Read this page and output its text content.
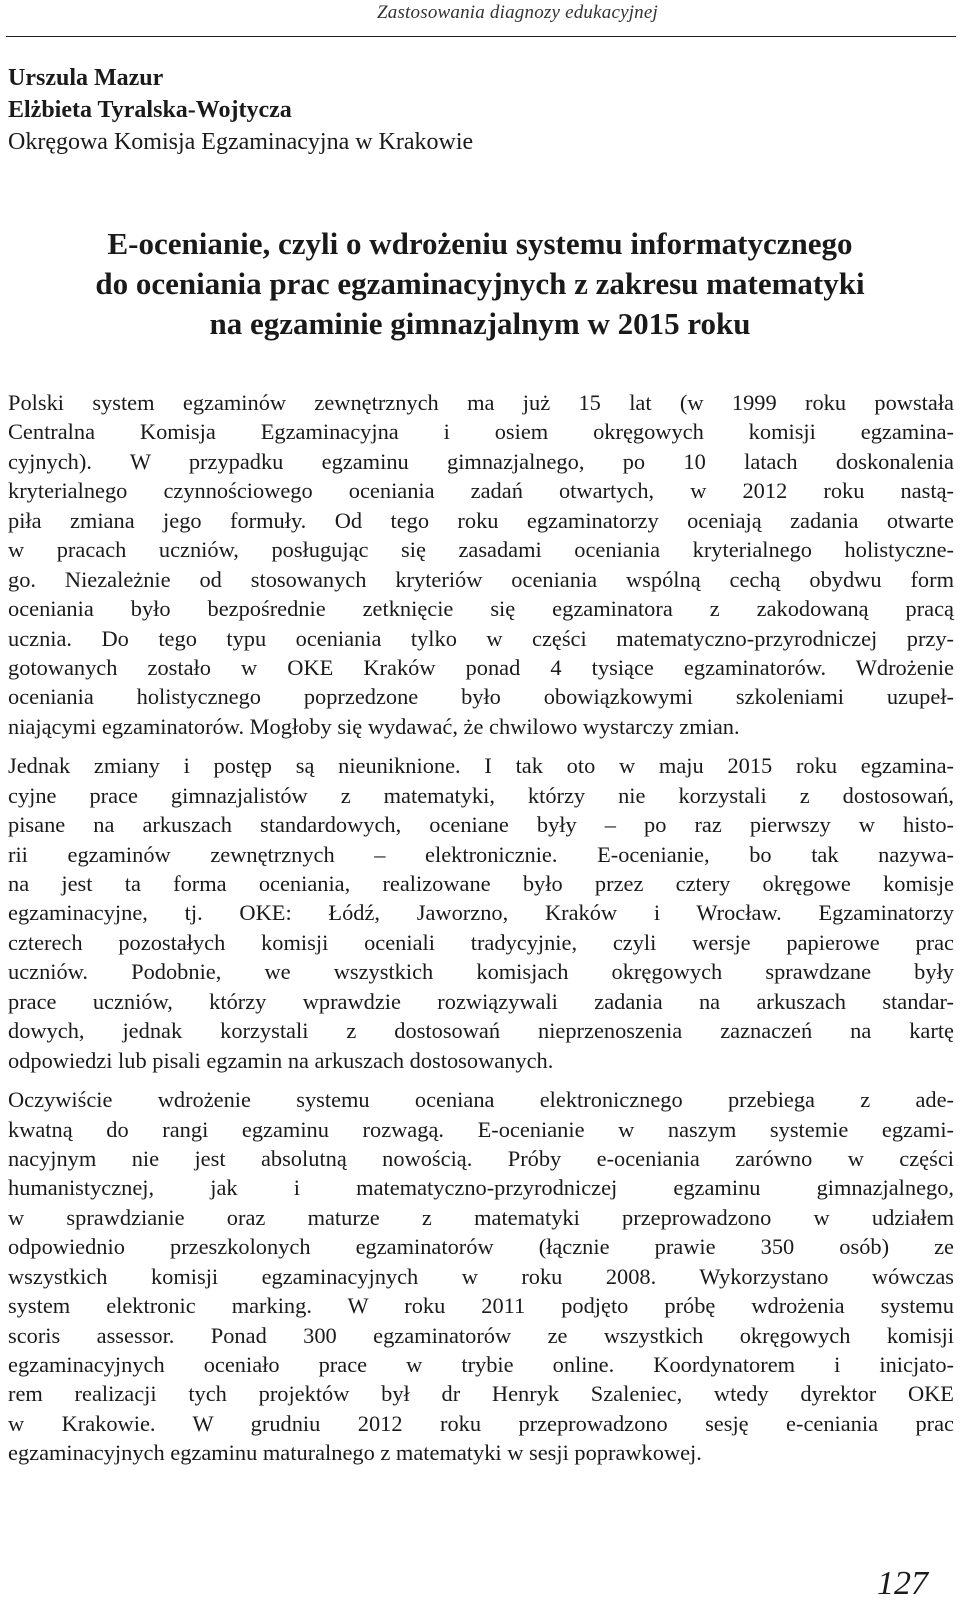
Zastosowania diagnozy edukacyjnej
Urszula Mazur
Elżbieta Tyralska-Wojtycza
Okręgowa Komisja Egzaminacyjna w Krakowie
E-ocenianie, czyli o wdrożeniu systemu informatycznego
do oceniania prac egzaminacyjnych z zakresu matematyki
na egzaminie gimnazjalnym w 2015 roku
Polski system egzaminów zewnętrznych ma już 15 lat (w 1999 roku powstała
Centralna Komisja Egzaminacyjna i osiem okręgowych komisji egzamina-
cyjnych). W przypadku egzaminu gimnazjalnego, po 10 latach doskonalenia
kryterialnego czynnościowego oceniania zadań otwartych, w 2012 roku nastą-
piła zmiana jego formuły. Od tego roku egzaminatorzy oceniają zadania otwarte
w pracach uczniów, posługując się zasadami oceniania kryterialnego holistyczne-
go. Niezależnie od stosowanych kryteriów oceniania wspólną cechą obydwu form
oceniania było bezpośrednie zetknięcie się egzaminatora z zakodowaną pracą
ucznia. Do tego typu oceniania tylko w części matematyczno-przyrodniczej przy-
gotowanych zostało w OKE Kraków ponad 4 tysiące egzaminatorów. Wdrożenie
oceniania holistycznego poprzedzone było obowiązkowymi szkoleniami uzupeł-
niającymi egzaminatorów. Mogłoby się wydawać, że chwilowo wystarczy zmian.
Jednak zmiany i postęp są nieuniknione. I tak oto w maju 2015 roku egzamina-
cyjne prace gimnazjalistów z matematyki, którzy nie korzystali z dostosowań,
pisane na arkuszach standardowych, oceniane były – po raz pierwszy w histo-
rii egzaminów zewnętrznych – elektronicznie. E-ocenianie, bo tak nazywa-
na jest ta forma oceniania, realizowane było przez cztery okręgowe komisje
egzaminacyjne, tj. OKE: Łódź, Jaworzno, Kraków i Wrocław. Egzaminatorzy
czterech pozostałych komisji oceniali tradycyjnie, czyli wersje papierowe prac
uczniów. Podobnie, we wszystkich komisjach okręgowych sprawdzane były
prace uczniów, którzy wprawdzie rozwiązywali zadania na arkuszach standar-
dowych, jednak korzystali z dostosowań nieprzenoszenia zaznaczeń na kartę
odpowiedzi lub pisali egzamin na arkuszach dostosowanych.
Oczywiście wdrożenie systemu oceniana elektronicznego przebiega z ade-
kwatną do rangi egzaminu rozwagą. E-ocenianie w naszym systemie egzami-
nacyjnym nie jest absolutną nowością. Próby e-oceniania zarówno w części
humanistycznej, jak i matematyczno-przyrodniczej egzaminu gimnazjalnego,
w sprawdzianie oraz maturze z matematyki przeprowadzono w udziałem
odpowiednio przeszkolonych egzaminatorów (łącznie prawie 350 osób) ze
wszystkich komisji egzaminacyjnych w roku 2008. Wykorzystano wówczas
system elektronic marking. W roku 2011 podjęto próbę wdrożenia systemu
scoris assessor. Ponad 300 egzaminatorów ze wszystkich okręgowych komisji
egzaminacyjnych oceniało prace w trybie online. Koordynatorem i inicjato-
rem realizacji tych projektów był dr Henryk Szaleniec, wtedy dyrektor OKE
w Krakowie. W grudniu 2012 roku przeprowadzono sesję e-ceniania prac
egzaminacyjnych egzaminu maturalnego z matematyki w sesji poprawkowej.
127
